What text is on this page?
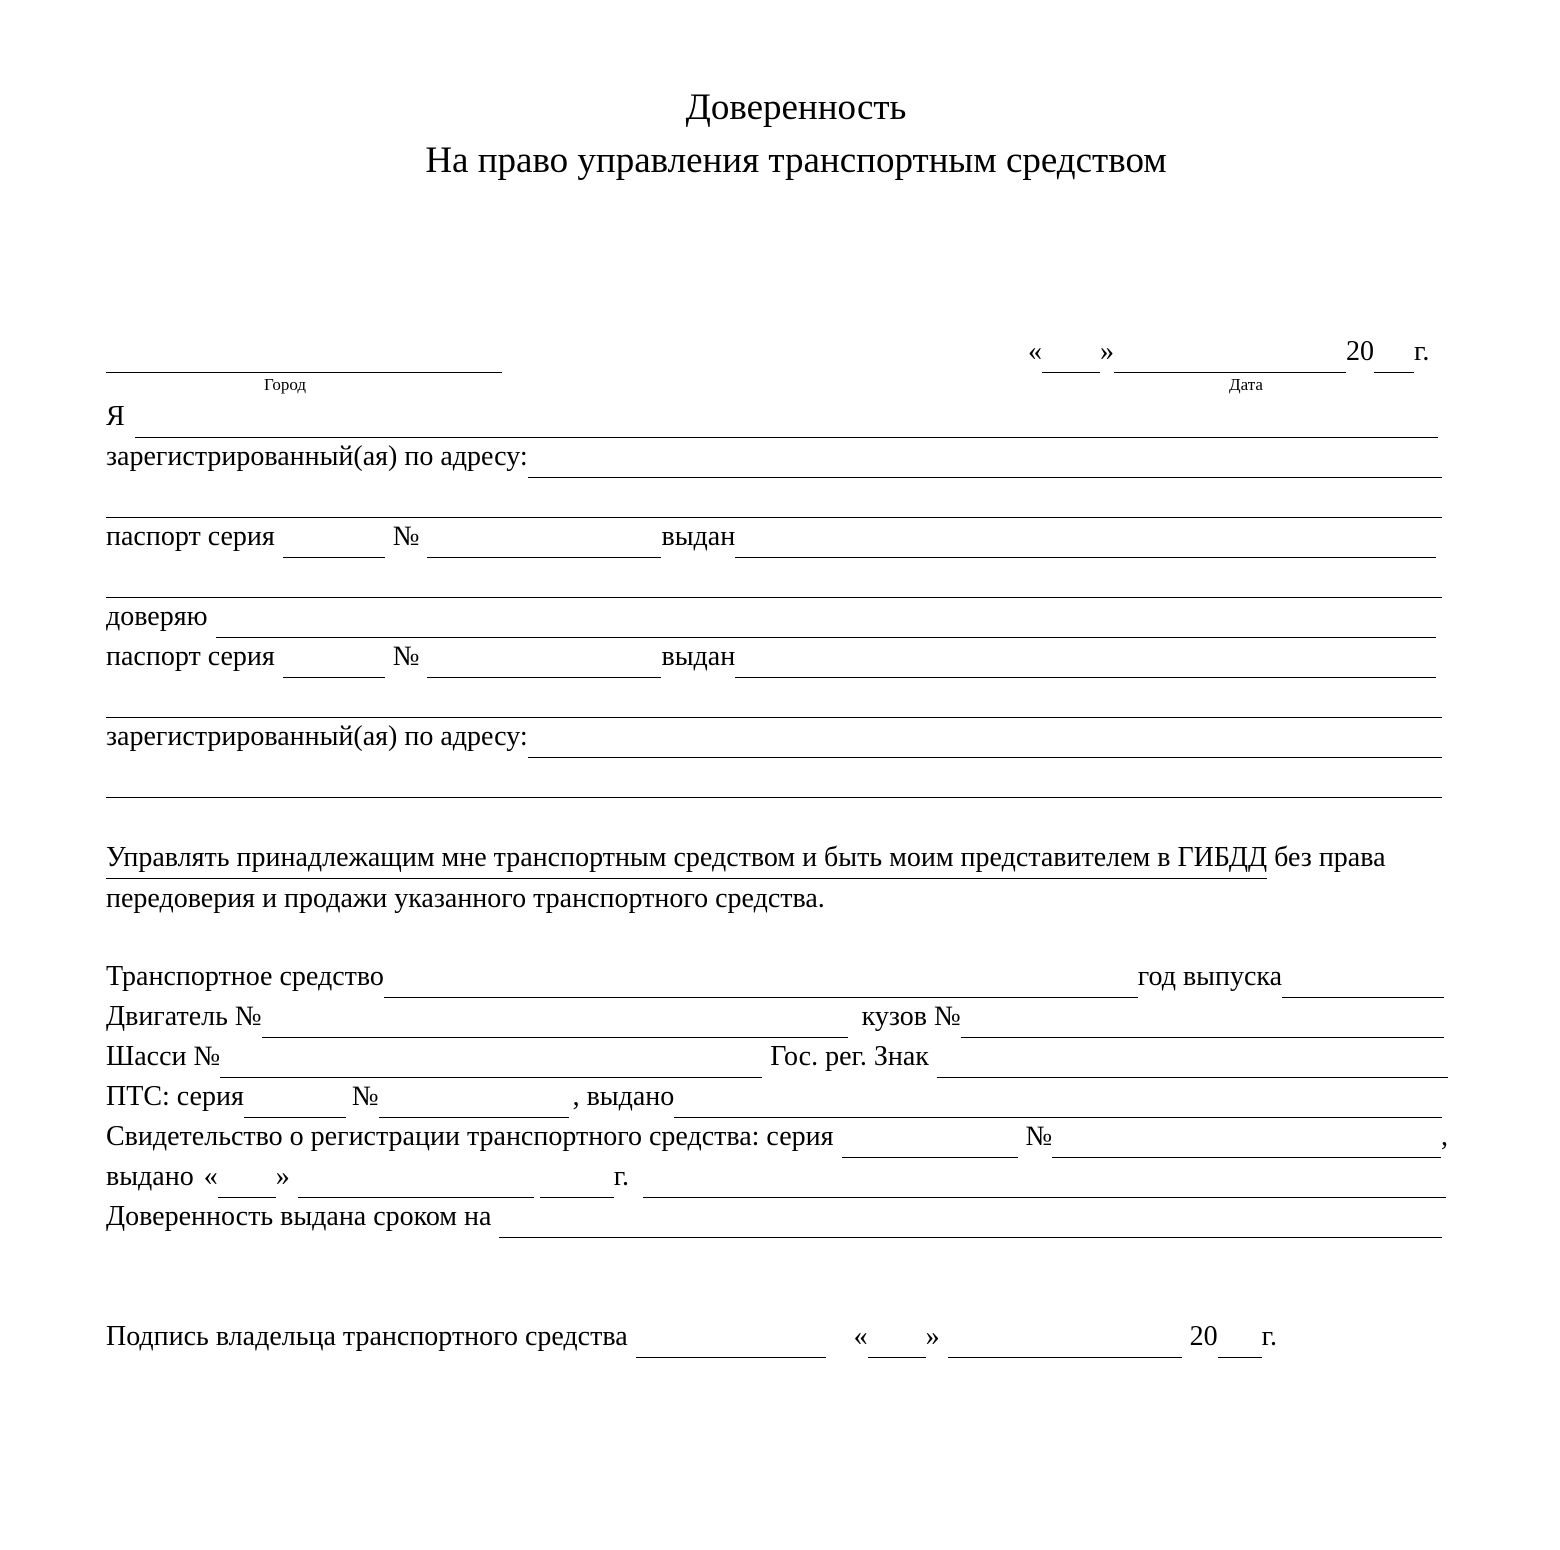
Доверенность
На право управления транспортным средством
« »	20 г.
Город	Дата
Я
зарегистрированный(ая) по адресу:
паспорт серия	№	выдан
доверяю
паспорт серия	№	выдан
зарегистрированный(ая) по адресу:
Управлять принадлежащим мне транспортным средством и быть моим представителем в ГИБДД без права передоверия и продажи указанного транспортного средства.
Транспортное средство	год выпуска
Двигатель №	кузов №
Шасси №	Гос. рег. Знак
ПТС: серия	№	, выдано
Свидетельство о регистрации транспортного средства: серия	№	,
выдано « »	г.
Доверенность выдана сроком на
Подпись владельца транспортного средства	« »	20 г.
